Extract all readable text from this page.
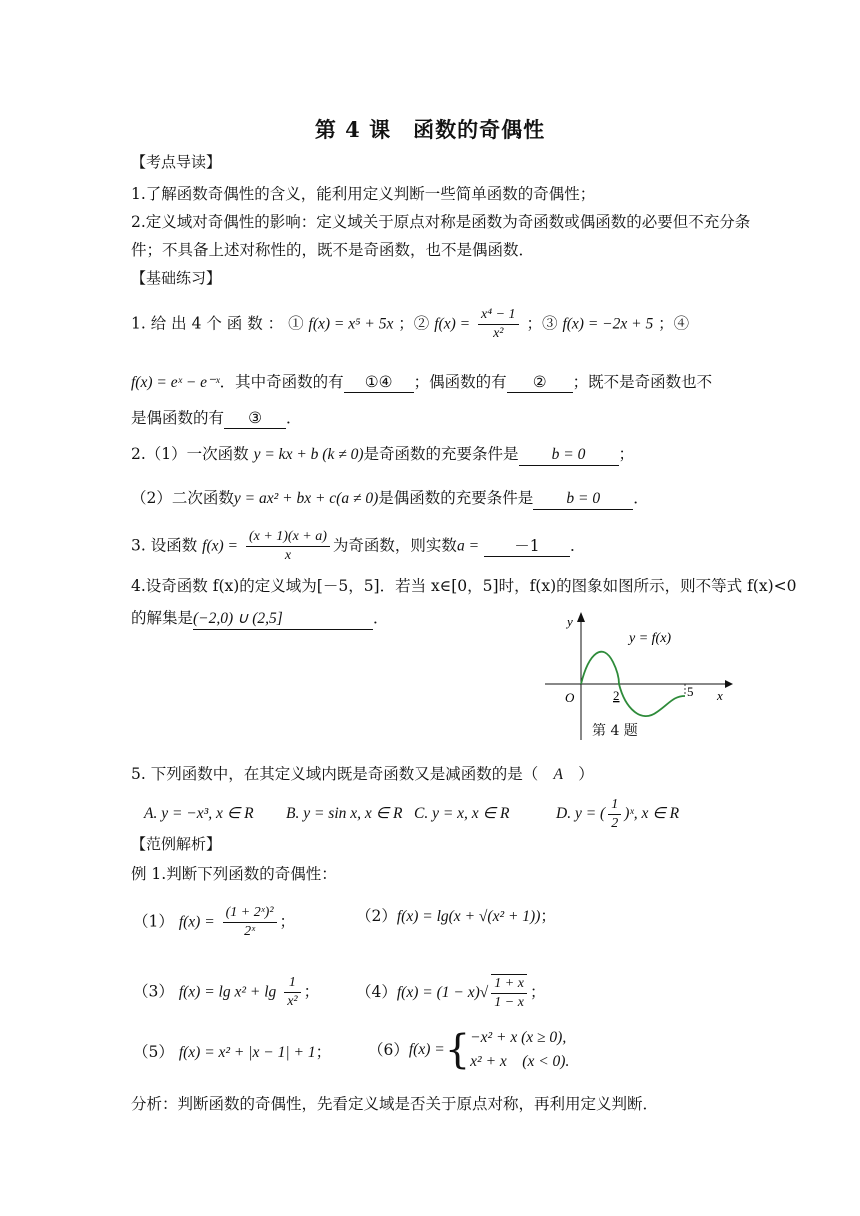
第 4 课　函数的奇偶性
【考点导读】
1.了解函数奇偶性的含义，能利用定义判断一些简单函数的奇偶性；
2.定义域对奇偶性的影响：定义域关于原点对称是函数为奇函数或偶函数的必要但不充分条
件；不具备上述对称性的，既不是奇函数，也不是偶函数．
【基础练习】
1. 给 出 4 个 函 数 ： ① f(x) = x⁵ + 5x ；② $f(x) = \frac{\text{x⁴ − 1}}{\text{x²}}$ ；③ f(x) = −2x + 5 ；④
f(x) = eˣ − e⁻ˣ．其中奇函数的有 ①④ ；偶函数的有 ② ；既不是奇函数也不
是偶函数的有 ③ ．
2.（1）一次函数 y = kx + b (k ≠ 0)是奇函数的充要条件是 b = 0 ；
（2）二次函数y = ax² + bx + c(a ≠ 0)是偶函数的充要条件是 b = 0 ．
3. 设函数 $f(x) = \frac{(x + 1)(x + a)}{x}$ 为奇函数，则实数a = －1 ．
4.设奇函数 f(x)的定义域为[－5，5]．若当 x∈[0，5]时，f(x)的图象如图所示，则不等式 f(x)<0
的解集是(−2,0) ∪ (2,5]	．
y = f(x)
y
x
O	2	5
第 4 题
5. 下列函数中，在其定义域内既是奇函数又是减函数的是（ A ）
A. y = −x³, x ∈ R B. y = sin x, x ∈ R C. y = x, x ∈ R	D. y = ( $\frac{1}{2}$ )ˣ, x ∈ R
【范例解析】
例 1.判断下列函数的奇偶性：
（1） $f(x) = \frac{\text{(1 + 2ˣ)²}}{\text{2ˣ}}$ ；	（2）f(x) = lg(x + √(x² + 1))；
（3） $f(x) = \lg x^2 + \lg \frac{1}{\text{x²}}$ ；	$(4)f(x) = (1 - x)√ \frac{1 + x}{1 - x}$ ；
（5） f(x) = x² + |x − 1| + 1；	（6）f(x) ={ −x² + x (x ≥ 0),
x² + x　(x < 0).
分析：判断函数的奇偶性，先看定义域是否关于原点对称，再利用定义判断．
